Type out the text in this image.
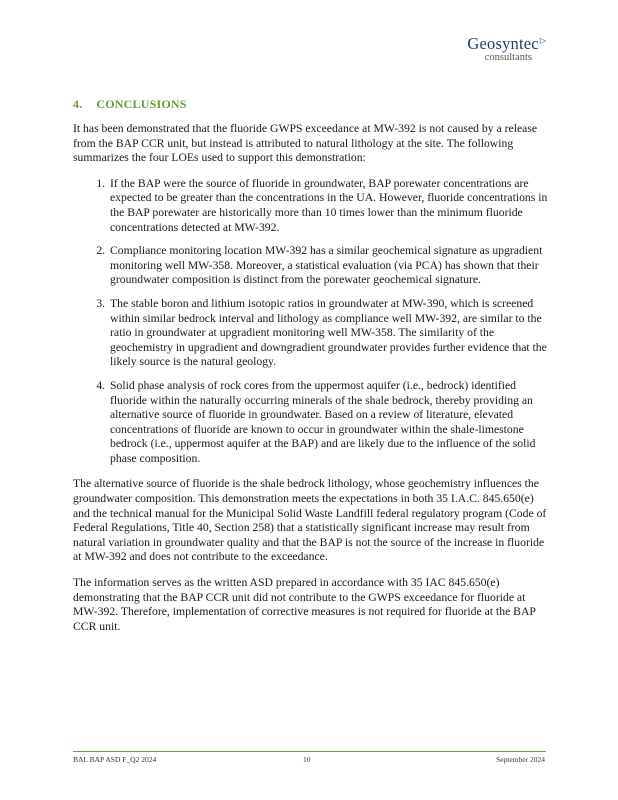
Geosyntec▷
consultants
4. CONCLUSIONS

It has been demonstrated that the fluoride GWPS exceedance at MW-392 is not caused by a release from the BAP CCR unit, but instead is attributed to natural lithology at the site. The following summarizes the four LOEs used to support this demonstration:

1. If the BAP were the source of fluoride in groundwater, BAP porewater concentrations are expected to be greater than the concentrations in the UA. However, fluoride concentrations in the BAP porewater are historically more than 10 times lower than the minimum fluoride concentrations detected at MW-392.
2. Compliance monitoring location MW-392 has a similar geochemical signature as upgradient monitoring well MW-358. Moreover, a statistical evaluation (via PCA) has shown that their groundwater composition is distinct from the porewater geochemical signature.
3. The stable boron and lithium isotopic ratios in groundwater at MW-390, which is screened within similar bedrock interval and lithology as compliance well MW-392, are similar to the ratio in groundwater at upgradient monitoring well MW-358. The similarity of the geochemistry in upgradient and downgradient groundwater provides further evidence that the likely source is the natural geology.
4. Solid phase analysis of rock cores from the uppermost aquifer (i.e., bedrock) identified fluoride within the naturally occurring minerals of the shale bedrock, thereby providing an alternative source of fluoride in groundwater. Based on a review of literature, elevated concentrations of fluoride are known to occur in groundwater within the shale-limestone bedrock (i.e., uppermost aquifer at the BAP) and are likely due to the influence of the solid phase composition.

The alternative source of fluoride is the shale bedrock lithology, whose geochemistry influences the groundwater composition. This demonstration meets the expectations in both 35 I.A.C. 845.650(e) and the technical manual for the Municipal Solid Waste Landfill federal regulatory program (Code of Federal Regulations, Title 40, Section 258) that a statistically significant increase may result from natural variation in groundwater quality and that the BAP is not the source of the increase in fluoride at MW-392 and does not contribute to the exceedance.

The information serves as the written ASD prepared in accordance with 35 IAC 845.650(e) demonstrating that the BAP CCR unit did not contribute to the GWPS exceedance for fluoride at MW-392. Therefore, implementation of corrective measures is not required for fluoride at the BAP CCR unit.

BAL BAP ASD F_Q2 2024	10	September 2024
